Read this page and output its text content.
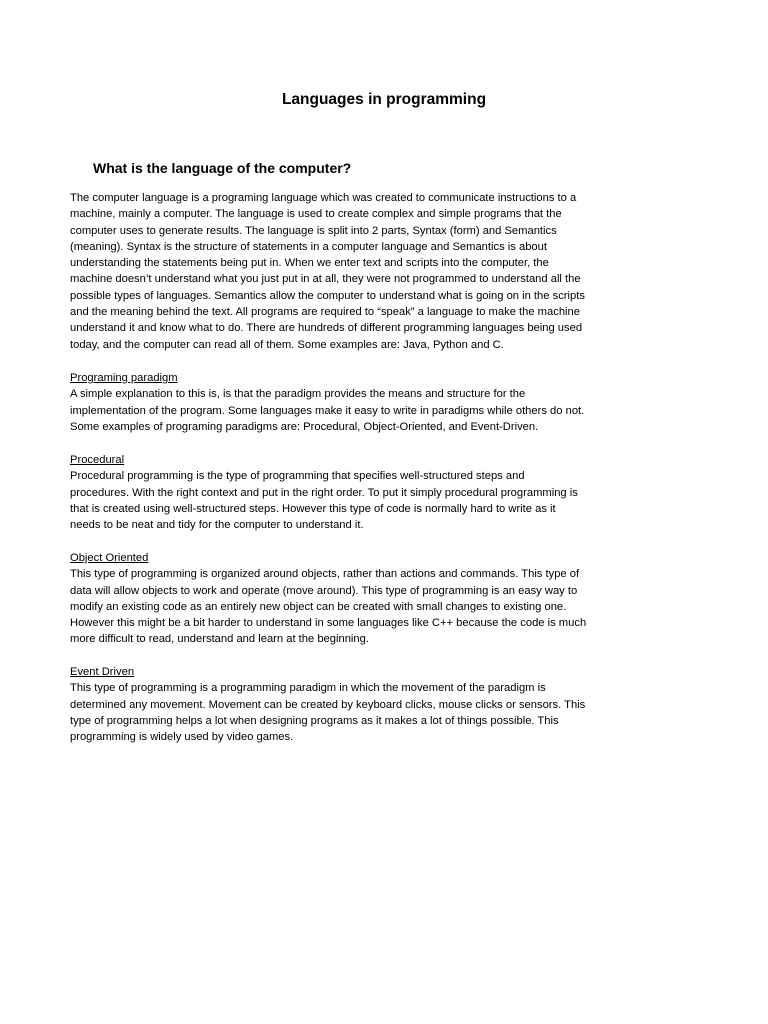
Languages in programming
What is the language of the computer?

The computer language is a programing language which was created to communicate instructions to a

machine, mainly a computer. The language is used to create complex and simple programs that the

computer uses to generate results. The language is split into 2 parts, Syntax (form) and Semantics

(meaning). Syntax is the structure of statements in a computer language and Semantics is about

understanding the statements being put in. When we enter text and scripts into the computer, the

machine doesn’t understand what you just put in at all, they were not programmed to understand all the

possible types of languages. Semantics allow the computer to understand what is going on in the scripts

and the meaning behind the text. All programs are required to “speak” a language to make the machine

understand it and know what to do. There are hundreds of different programming languages being used

today, and the computer can read all of them. Some examples are: Java, Python and C.

Programing paradigm

A simple explanation to this is, is that the paradigm provides the means and structure for the

implementation of the program. Some languages make it easy to write in paradigms while others do not.

Some examples of programing paradigms are: Procedural, Object-Oriented, and Event-Driven.

Procedural

Procedural programming is the type of programming that specifies well-structured steps and

procedures. With the right context and put in the right order. To put it simply procedural programming is

that is created using well-structured steps. However this type of code is normally hard to write as it

needs to be neat and tidy for the computer to understand it.

Object Oriented

This type of programming is organized around objects, rather than actions and commands. This type of

data will allow objects to work and operate (move around). This type of programming is an easy way to

modify an existing code as an entirely new object can be created with small changes to existing one.

However this might be a bit harder to understand in some languages like C++ because the code is much

more difficult to read, understand and learn at the beginning.

Event Driven

This type of programming is a programming paradigm in which the movement of the paradigm is

determined any movement. Movement can be created by keyboard clicks, mouse clicks or sensors. This

type of programming helps a lot when designing programs as it makes a lot of things possible. This

programming is widely used by video games.
